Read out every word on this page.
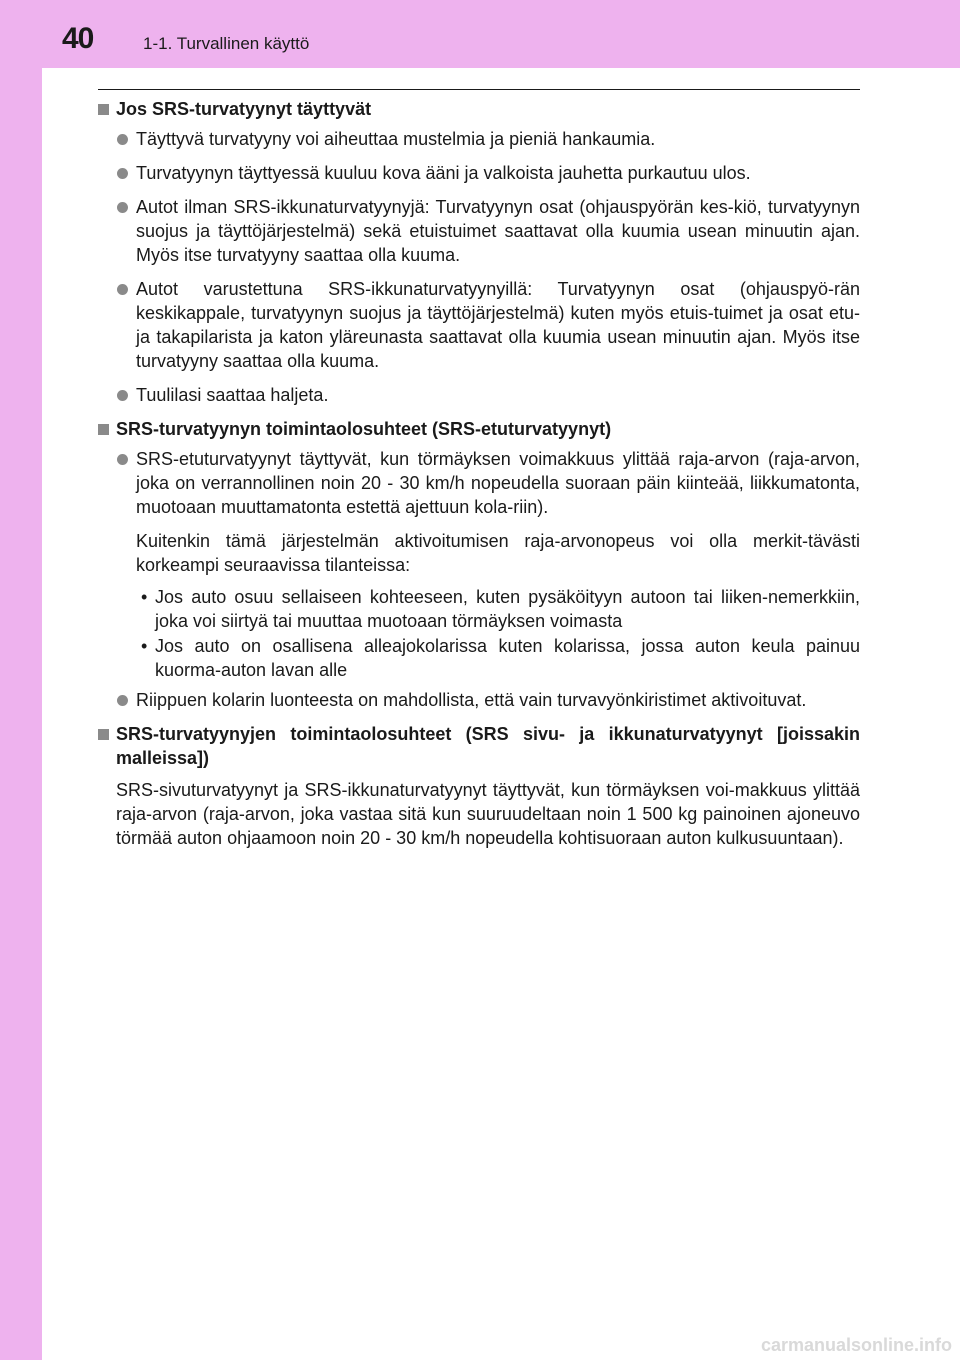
40	1-1. Turvallinen käyttö
Jos SRS-turvatyynyt täyttyvät
Täyttyvä turvatyyny voi aiheuttaa mustelmia ja pieniä hankaumia.
Turvatyynyn täyttyessä kuuluu kova ääni ja valkoista jauhetta purkautuu ulos.
Autot ilman SRS-ikkunaturvatyynyjä: Turvatyynyn osat (ohjauspyörän kes-kiö, turvatyynyn suojus ja täyttöjärjestelmä) sekä etuistuimet saattavat olla kuumia usean minuutin ajan. Myös itse turvatyyny saattaa olla kuuma.
Autot varustettuna SRS-ikkunaturvatyynyillä: Turvatyynyn osat (ohjauspyö-rän keskikappale, turvatyynyn suojus ja täyttöjärjestelmä) kuten myös etuis-tuimet ja osat etu- ja takapilarista ja katon yläreunasta saattavat olla kuumia usean minuutin ajan. Myös itse turvatyyny saattaa olla kuuma.
Tuulilasi saattaa haljeta.
SRS-turvatyynyn toimintaolosuhteet (SRS-etuturvatyynyt)
SRS-etuturvatyynyt täyttyvät, kun törmäyksen voimakkuus ylittää raja-arvon (raja-arvon, joka on verrannollinen noin 20 - 30 km/h nopeudella suoraan päin kiinteää, liikkumatonta, muotoaan muuttamatonta estettä ajettuun kola-riin).
Kuitenkin tämä järjestelmän aktivoitumisen raja-arvonopeus voi olla merkit-tävästi korkeampi seuraavissa tilanteissa:
• Jos auto osuu sellaiseen kohteeseen, kuten pysäköityyn autoon tai liiken-nemerkkiin, joka voi siirtyä tai muuttaa muotoaan törmäyksen voimasta
• Jos auto on osallisena alleajokolarissa kuten kolarissa, jossa auton keula painuu kuorma-auton lavan alle
Riippuen kolarin luonteesta on mahdollista, että vain turvavyönkiristimet aktivoituvat.
SRS-turvatyynyjen toimintaolosuhteet (SRS sivu- ja ikkunaturvatyynyt [joissakin malleissa])
SRS-sivuturvatyynyt ja SRS-ikkunaturvatyynyt täyttyvät, kun törmäyksen voi-makkuus ylittää raja-arvon (raja-arvon, joka vastaa sitä kun suuruudeltaan noin 1 500 kg painoinen ajoneuvo törmää auton ohjaamoon noin 20 - 30 km/h nopeudella kohtisuoraan auton kulkusuuntaan).
carmanualsonline.info
